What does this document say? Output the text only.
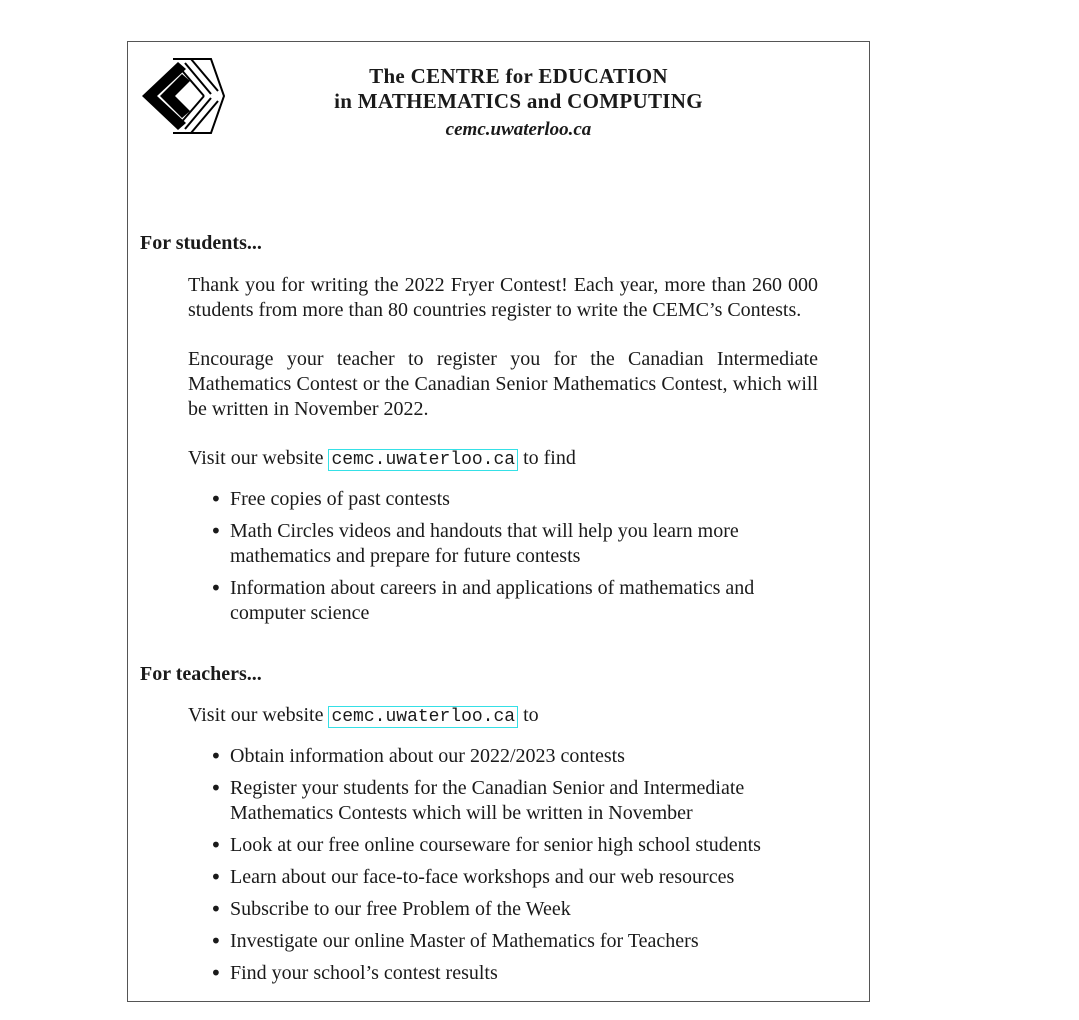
The CENTRE for EDUCATION
in MATHEMATICS and COMPUTING
cemc.uwaterloo.ca
For students...

Thank you for writing the 2022 Fryer Contest! Each year, more than 260 000 students from more than 80 countries register to write the CEMC’s Contests.

Encourage your teacher to register you for the Canadian Intermediate Mathematics Contest or the Canadian Senior Mathematics Contest, which will be written in November 2022.

Visit our website cemc.uwaterloo.ca to find
• Free copies of past contests
• Math Circles videos and handouts that will help you learn more mathematics and prepare for future contests
• Information about careers in and applications of mathematics and computer science
For teachers...
Visit our website cemc.uwaterloo.ca to
• Obtain information about our 2022/2023 contests
• Register your students for the Canadian Senior and Intermediate Mathematics Contests which will be written in November
• Look at our free online courseware for senior high school students
• Learn about our face-to-face workshops and our web resources
• Subscribe to our free Problem of the Week
• Investigate our online Master of Mathematics for Teachers
• Find your school’s contest results
